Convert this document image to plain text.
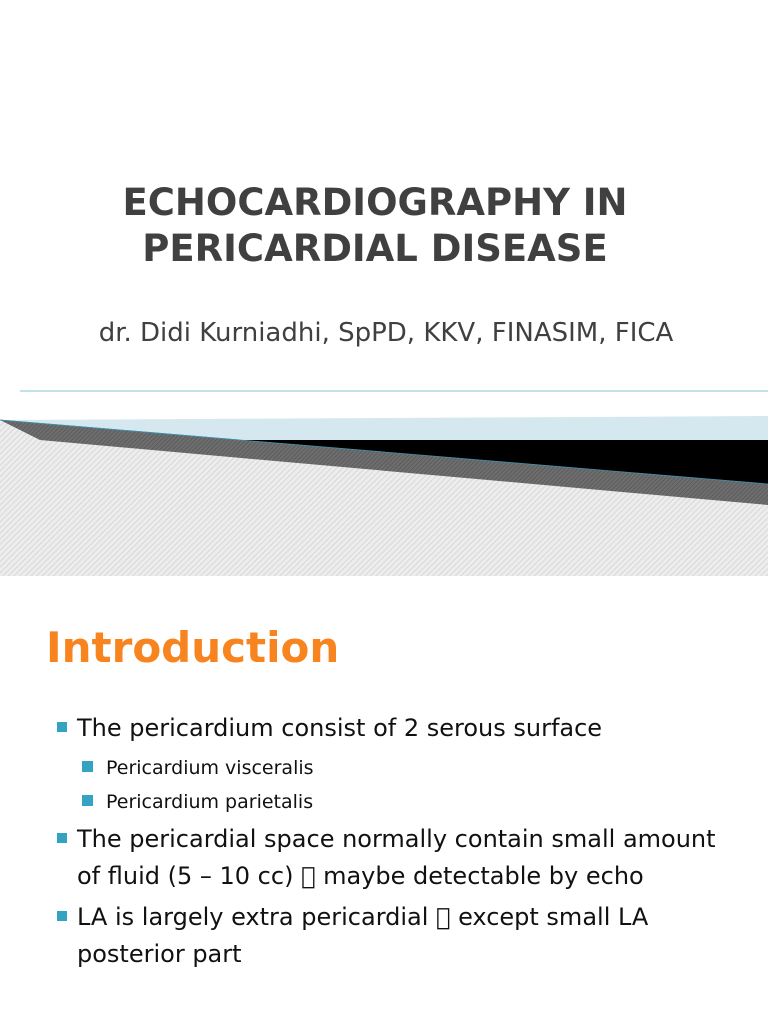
ECHOCARDIOGRAPHY IN
PERICARDIAL DISEASE
dr. Didi Kurniadhi, SpPD, KKV, FINASIM, FICA
Introduction
The pericardium consist of 2 serous surface
Pericardium visceralis
Pericardium parietalis
The pericardial space normally contain small amount of fluid (5 – 10 cc) maybe detectable by echo
LA is largely extra pericardial except small LA posterior part
